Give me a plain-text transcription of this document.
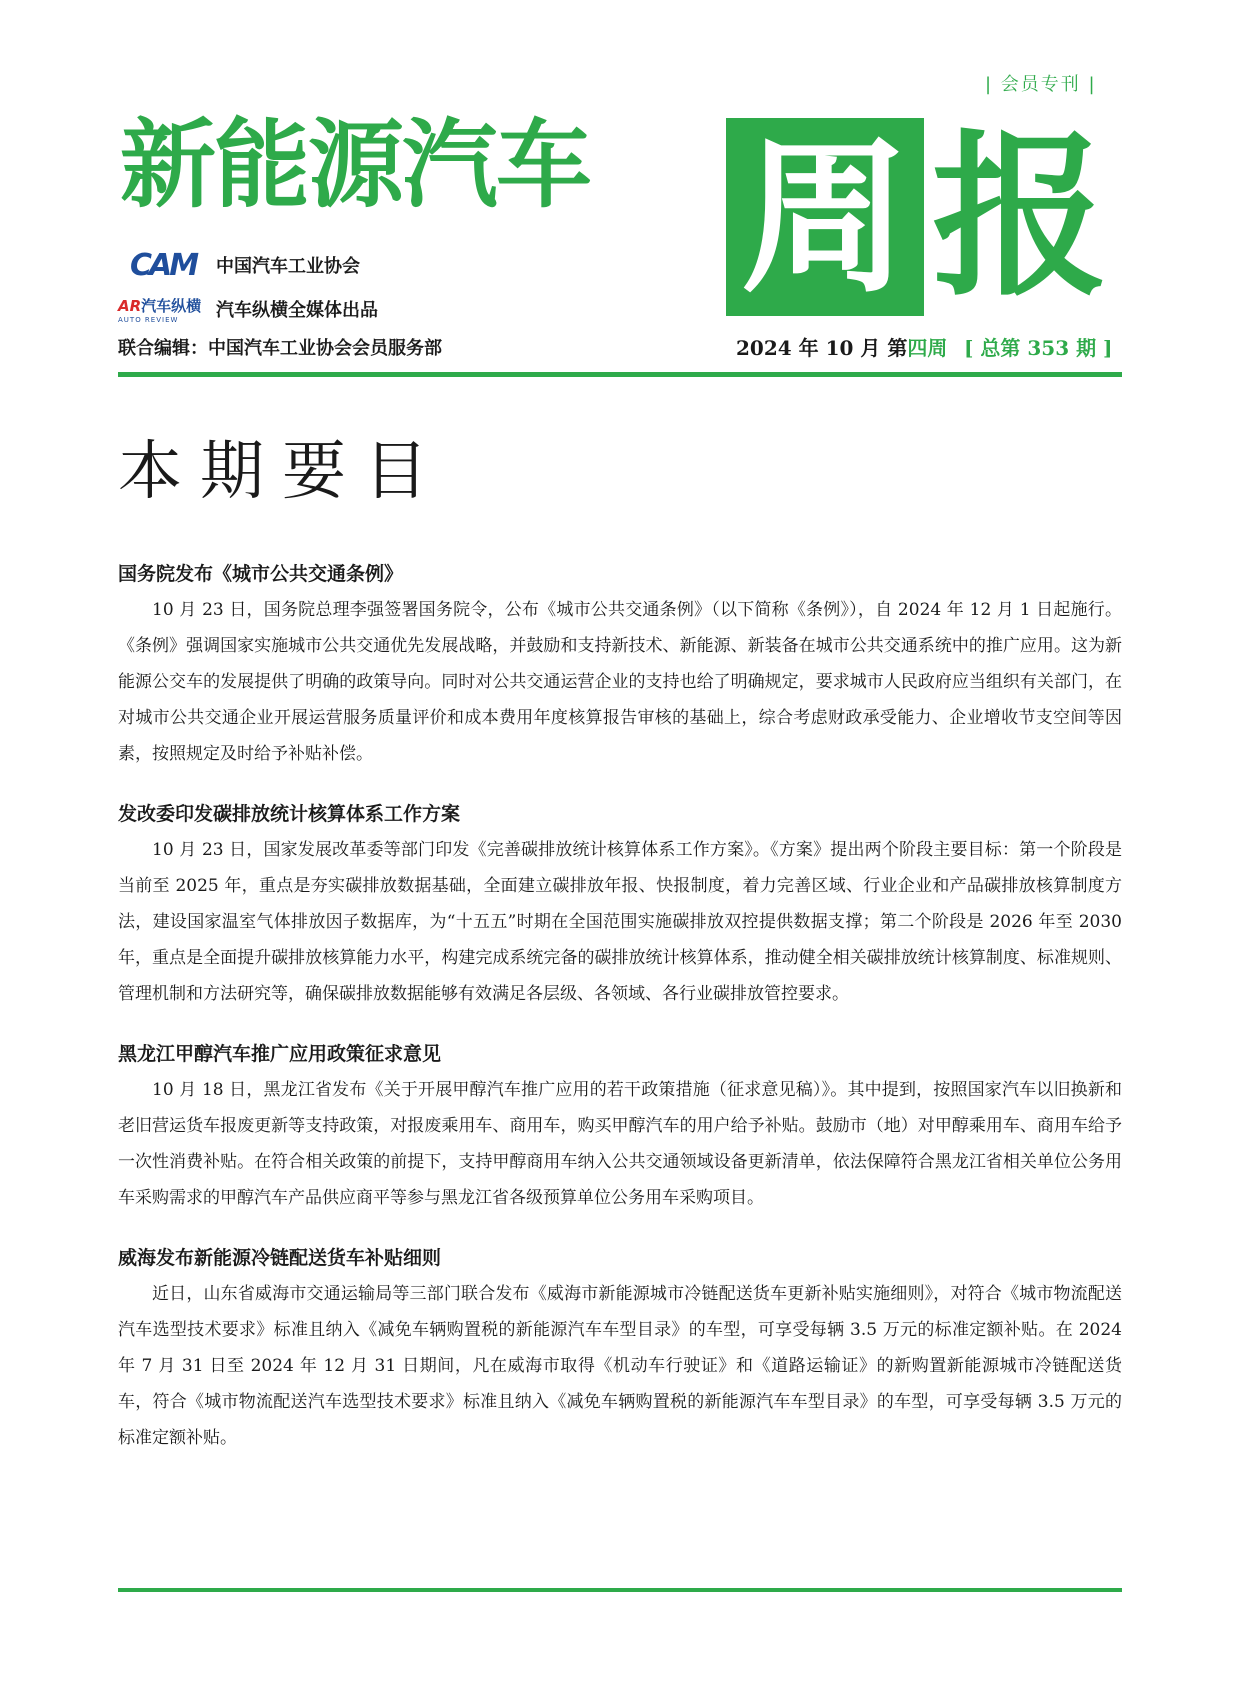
| 会员专刊 |
新能源汽车 周 报
CAM 中国汽车工业协会
AR汽车纵横
AUTO REVIEW 汽车纵横全媒体出品
联合编辑：中国汽车工业协会会员服务部	2024 年 10 月 第四周 [ 总第 353 期 ]
本期要目
国务院发布《城市公共交通条例》

10 月 23 日，国务院总理李强签署国务院令，公布《城市公共交通条例》（以下简称《条例》），自 2024 年 12 月 1 日起施行。《条例》强调国家实施城市公共交通优先发展战略，并鼓励和支持新技术、新能源、新装备在城市公共交通系统中的推广应用。这为新能源公交车的发展提供了明确的政策导向。同时对公共交通运营企业的支持也给了明确规定，要求城市人民政府应当组织有关部门，在对城市公共交通企业开展运营服务质量评价和成本费用年度核算报告审核的基础上，综合考虑财政承受能力、企业增收节支空间等因素，按照规定及时给予补贴补偿。

发改委印发碳排放统计核算体系工作方案

10 月 23 日，国家发展改革委等部门印发《完善碳排放统计核算体系工作方案》。《方案》提出两个阶段主要目标：第一个阶段是当前至 2025 年，重点是夯实碳排放数据基础，全面建立碳排放年报、快报制度，着力完善区域、行业企业和产品碳排放核算制度方法，建设国家温室气体排放因子数据库，为“十五五”时期在全国范围实施碳排放双控提供数据支撑；第二个阶段是 2026 年至 2030 年，重点是全面提升碳排放核算能力水平，构建完成系统完备的碳排放统计核算体系，推动健全相关碳排放统计核算制度、标准规则、管理机制和方法研究等，确保碳排放数据能够有效满足各层级、各领域、各行业碳排放管控要求。

黑龙江甲醇汽车推广应用政策征求意见

10 月 18 日，黑龙江省发布《关于开展甲醇汽车推广应用的若干政策措施（征求意见稿）》。其中提到，按照国家汽车以旧换新和老旧营运货车报废更新等支持政策，对报废乘用车、商用车，购买甲醇汽车的用户给予补贴。鼓励市（地）对甲醇乘用车、商用车给予一次性消费补贴。在符合相关政策的前提下，支持甲醇商用车纳入公共交通领域设备更新清单，依法保障符合黑龙江省相关单位公务用车采购需求的甲醇汽车产品供应商平等参与黑龙江省各级预算单位公务用车采购项目。

威海发布新能源冷链配送货车补贴细则

近日，山东省威海市交通运输局等三部门联合发布《威海市新能源城市冷链配送货车更新补贴实施细则》，对符合《城市物流配送汽车选型技术要求》标准且纳入《减免车辆购置税的新能源汽车车型目录》的车型，可享受每辆 3.5 万元的标准定额补贴。在 2024 年 7 月 31 日至 2024 年 12 月 31 日期间，凡在威海市取得《机动车行驶证》和《道路运输证》的新购置新能源城市冷链配送货车，符合《城市物流配送汽车选型技术要求》标准且纳入《减免车辆购置税的新能源汽车车型目录》的车型，可享受每辆 3.5 万元的标准定额补贴。
